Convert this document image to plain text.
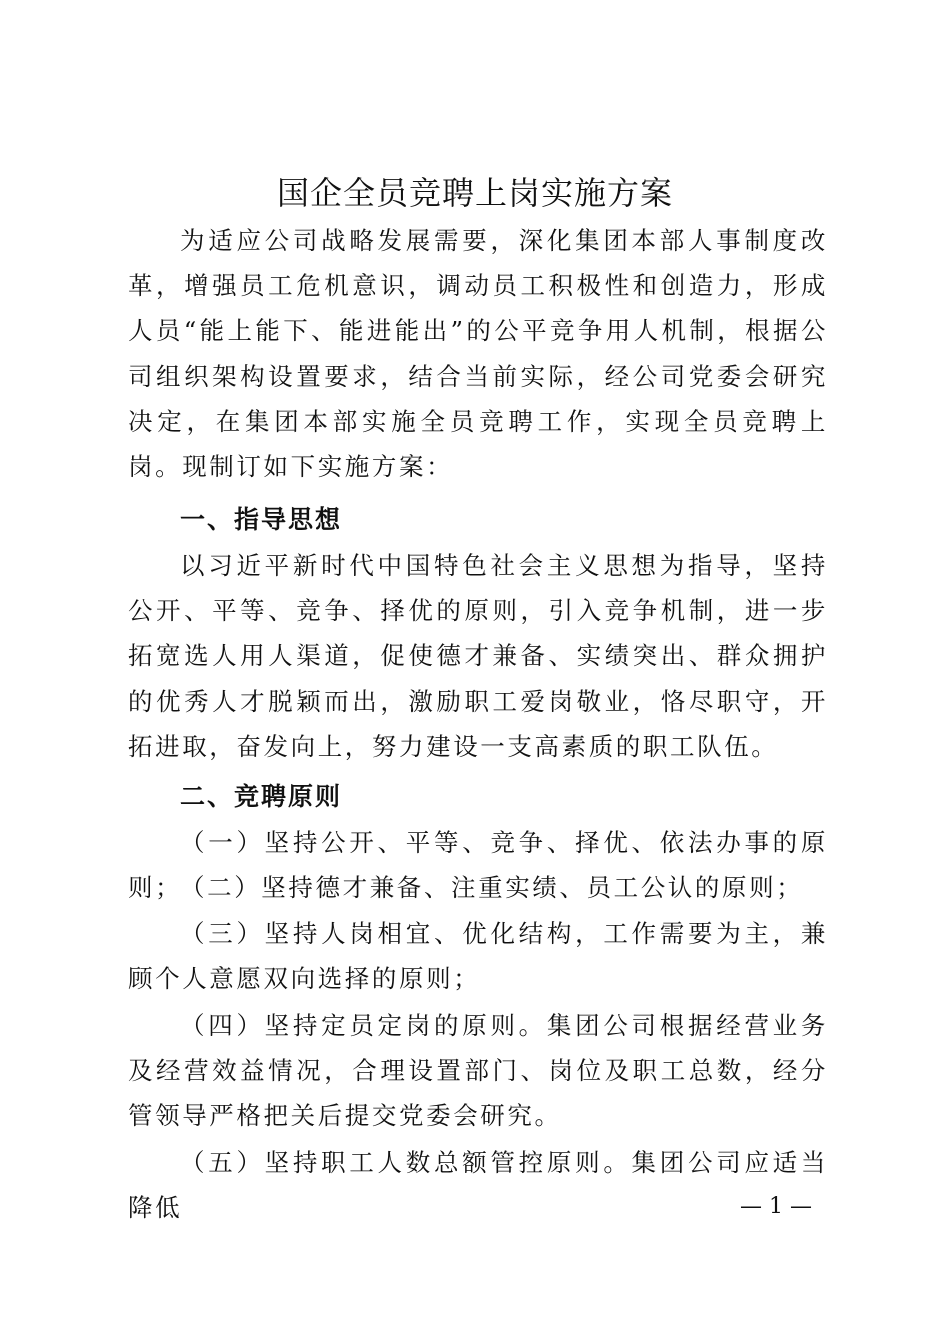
国企全员竞聘上岗实施方案

为适应公司战略发展需要，深化集团本部人事制度改革，增强员工危机意识，调动员工积极性和创造力，形成人员“能上能下、能进能出”的公平竞争用人机制，根据公司组织架构设置要求，结合当前实际，经公司党委会研究决定，在集团本部实施全员竞聘工作，实现全员竞聘上岗。现制订如下实施方案：

一、指导思想

以习近平新时代中国特色社会主义思想为指导，坚持公开、平等、竞争、择优的原则，引入竞争机制，进一步拓宽选人用人渠道，促使德才兼备、实绩突出、群众拥护的优秀人才脱颖而出，激励职工爱岗敬业，恪尽职守，开拓进取，奋发向上，努力建设一支高素质的职工队伍。

二、竞聘原则

（一）坚持公开、平等、竞争、择优、依法办事的原则；

（二）坚持德才兼备、注重实绩、员工公认的原则；

（三）坚持人岗相宜、优化结构，工作需要为主，兼顾个人意愿双向选择的原则；

（四）坚持定员定岗的原则。集团公司根据经营业务及经营效益情况，合理设置部门、岗位及职工总数，经分管领导严格把关后提交党委会研究。

（五）坚持职工人数总额管控原则。集团公司应适当降低	— 1 —
